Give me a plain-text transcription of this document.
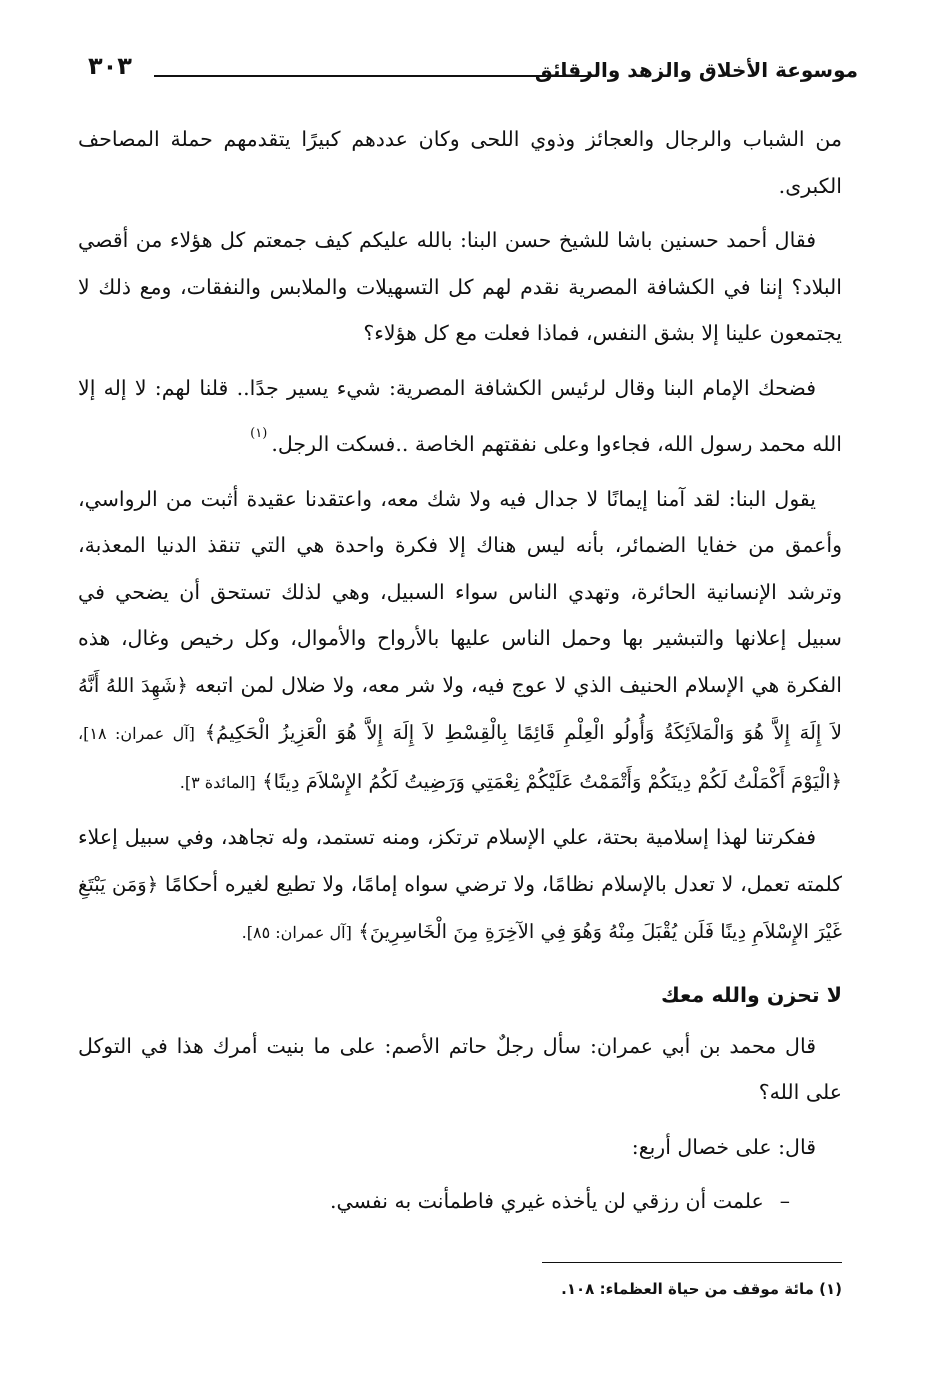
موسوعة الأخلاق والزهد والرقائق
٣٠٣

من الشباب والرجال والعجائز وذوي اللحى وكان عددهم كبيرًا يتقدمهم حملة المصاحف الكبرى.

فقال أحمد حسنين باشا للشيخ حسن البنا: بالله عليكم كيف جمعتم كل هؤلاء من أقصي البلاد؟ إننا في الكشافة المصرية نقدم لهم كل التسهيلات والملابس والنفقات، ومع ذلك لا يجتمعون علينا إلا بشق النفس، فماذا فعلت مع كل هؤلاء؟

فضحك الإمام البنا وقال لرئيس الكشافة المصرية: شيء يسير جدًا.. قلنا لهم: لا إله إلا الله محمد رسول الله، فجاءوا وعلى نفقتهم الخاصة ..فسكت الرجل.$^{(١)}$

يقول البنا: لقد آمنا إيمانًا لا جدال فيه ولا شك معه، واعتقدنا عقيدة أثبت من الرواسي، وأعمق من خفايا الضمائر، بأنه ليس هناك إلا فكرة واحدة هي التي تنقذ الدنيا المعذبة، وترشد الإنسانية الحائرة، وتهدي الناس سواء السبيل، وهي لذلك تستحق أن يضحي في سبيل إعلانها والتبشير بها وحمل الناس عليها بالأرواح والأموال، وكل رخيص وغال، هذه الفكرة هي الإسلام الحنيف الذي لا عوج فيه، ولا شر معه، ولا ضلال لمن اتبعه ﴿شَهِدَ اللهُ أَنَّهُ لاَ إِلَهَ إِلاَّ هُوَ وَالْمَلاَئِكَةُ وَأُولُو الْعِلْمِ قَائِمًا بِالْقِسْطِ لاَ إِلَهَ إِلاَّ هُوَ الْعَزِيزُ الْحَكِيمُ﴾ [آل عمران: ١٨]، ﴿الْيَوْمَ أَكْمَلْتُ لَكُمْ دِينَكُمْ وَأَتْمَمْتُ عَلَيْكُمْ نِعْمَتِي وَرَضِيتُ لَكُمُ الإِسْلاَمَ دِينًا﴾ [المائدة ٣].

ففكرتنا لهذا إسلامية بحتة، علي الإسلام ترتكز، ومنه تستمد، وله تجاهد، وفي سبيل إعلاء كلمته تعمل، لا تعدل بالإسلام نظامًا، ولا ترضي سواه إمامًا، ولا تطيع لغيره أحكامًا ﴿وَمَن يَبْتَغِ غَيْرَ الإِسْلاَمِ دِينًا فَلَن يُقْبَلَ مِنْهُ وَهُوَ فِي الآخِرَةِ مِنَ الْخَاسِرِينَ﴾ [آل عمران: ٨٥].

لا تحزن والله معك

قال محمد بن أبي عمران: سأل رجلٌ حاتم الأصم: على ما بنيت أمرك هذا في التوكل على الله؟

قال: على خصال أربع:

–علمت أن رزقي لن يأخذه غيري فاطمأنت به نفسي.

(١) مائة موقف من حياة العظماء: ١٠٨.
